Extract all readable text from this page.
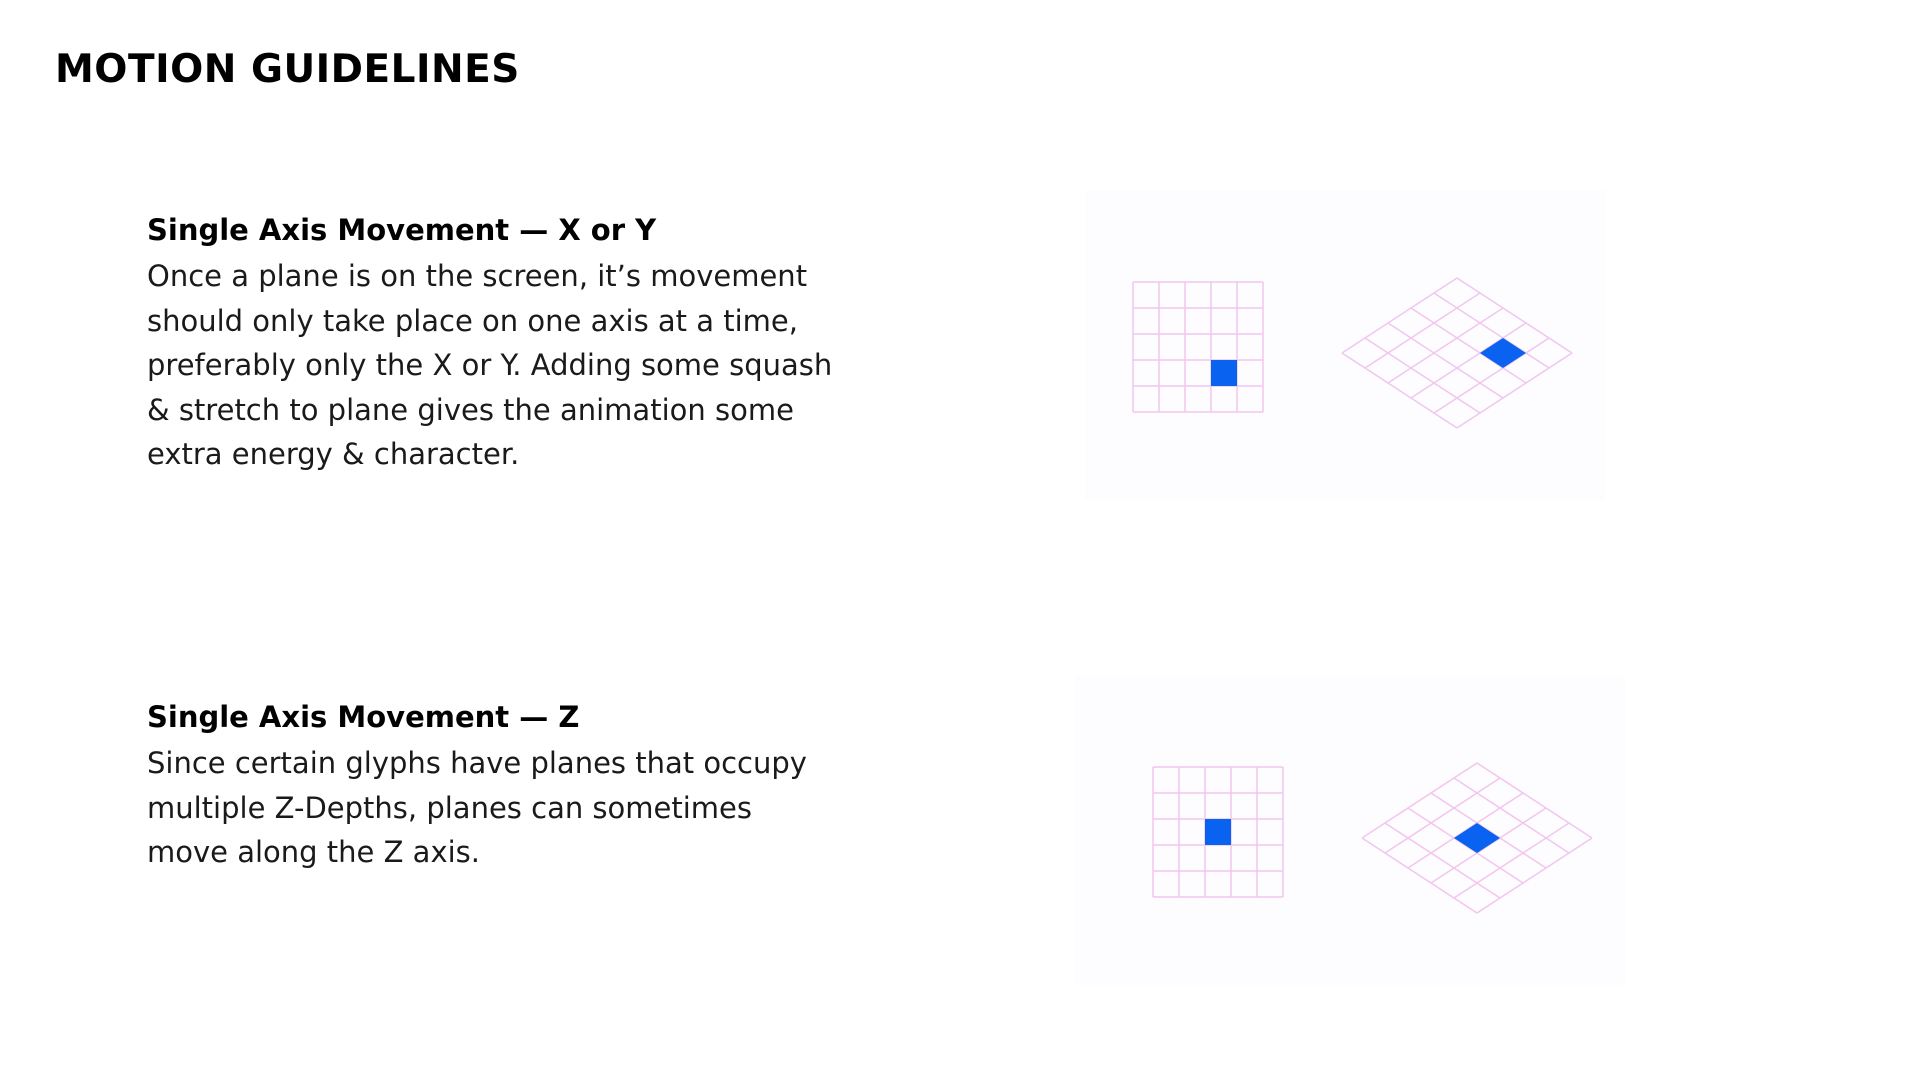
MOTION GUIDELINES
Single Axis Movement — X or Y

Once a plane is on the screen, it’s movement
should only take place on one axis at a time,
preferably only the X or Y. Adding some squash
& stretch to plane gives the animation some
extra energy & character.

Single Axis Movement — Z

Since certain glyphs have planes that occupy
multiple Z-Depths, planes can sometimes
move along the Z axis.
